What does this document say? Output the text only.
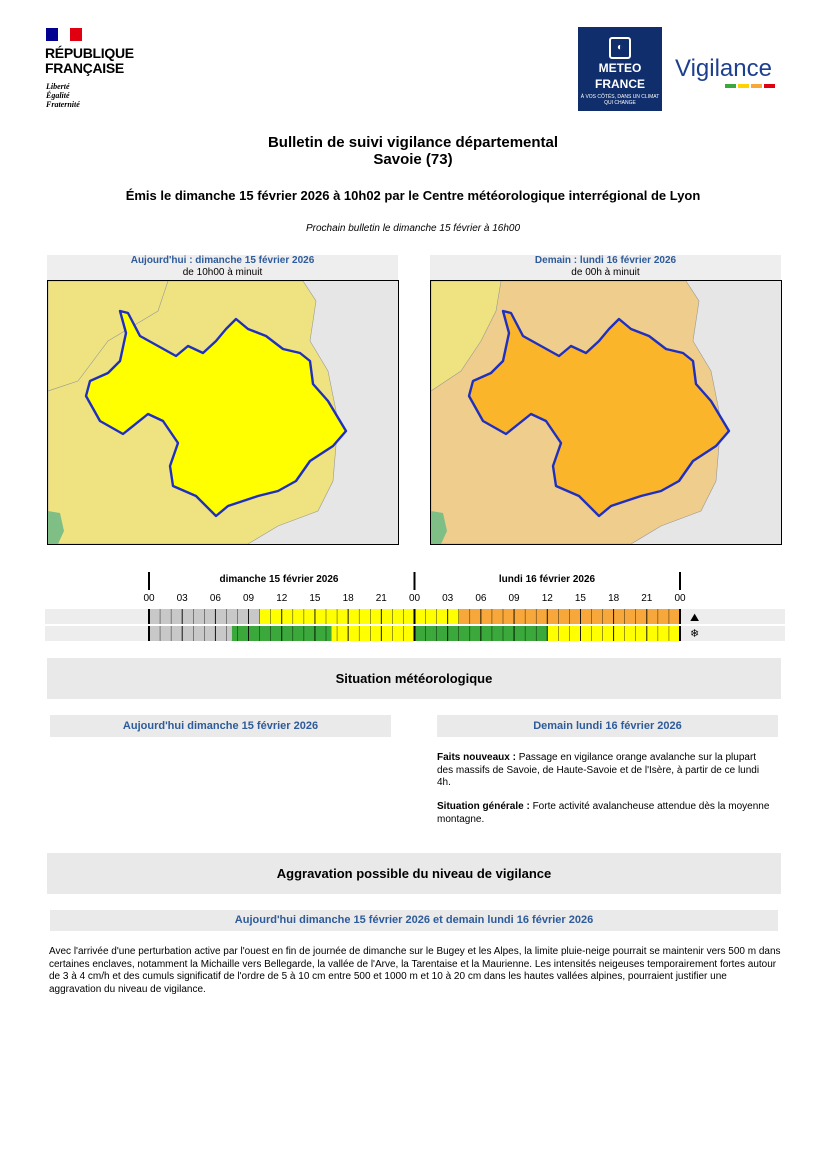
RÉPUBLIQUE
FRANÇAISE
Liberté
Égalité
Fraternité
◐
METEO
FRANCE
À VOS CÔTÉS, DANS UN CLIMAT QUI CHANGE
Vigilance
Bulletin de suivi vigilance départemental
Savoie (73)
Émis le dimanche 15 février 2026 à 10h02 par le Centre météorologique interrégional de Lyon
Prochain bulletin le dimanche 15 février à 16h00
Aujourd'hui : dimanche 15 février 2026
de 10h00 à minuit
Demain : lundi 16 février 2026
de 00h à minuit
dimanche 15 février 2026	lundi 16 février 2026
00 03 06 09 12 15 18 21 00 03 06 09 12 15 18 21 00
⛰
❄
Situation météorologique
Aujourd'hui dimanche 15 février 2026	Demain lundi 16 février 2026
Faits nouveaux : Passage en vigilance orange avalanche sur la plupart des massifs de Savoie, de Haute-Savoie et de l'Isère, à partir de ce lundi 4h.
Situation générale : Forte activité avalancheuse attendue dès la moyenne montagne.
Aggravation possible du niveau de vigilance
Aujourd'hui dimanche 15 février 2026 et demain lundi 16 février 2026
Avec l'arrivée d'une perturbation active par l'ouest en fin de journée de dimanche sur le Bugey et les Alpes, la limite pluie-neige pourrait se maintenir vers 500 m dans certaines enclaves, notamment la Michaille vers Bellegarde, la vallée de l'Arve, la Tarentaise et la Maurienne. Les intensités neigeuses temporairement fortes autour de 3 à 4 cm/h et des cumuls significatif de l'ordre de 5 à 10 cm entre 500 et 1000 m et 10 à 20 cm dans les hautes vallées alpines, pourraient justifier une aggravation du niveau de vigilance.
